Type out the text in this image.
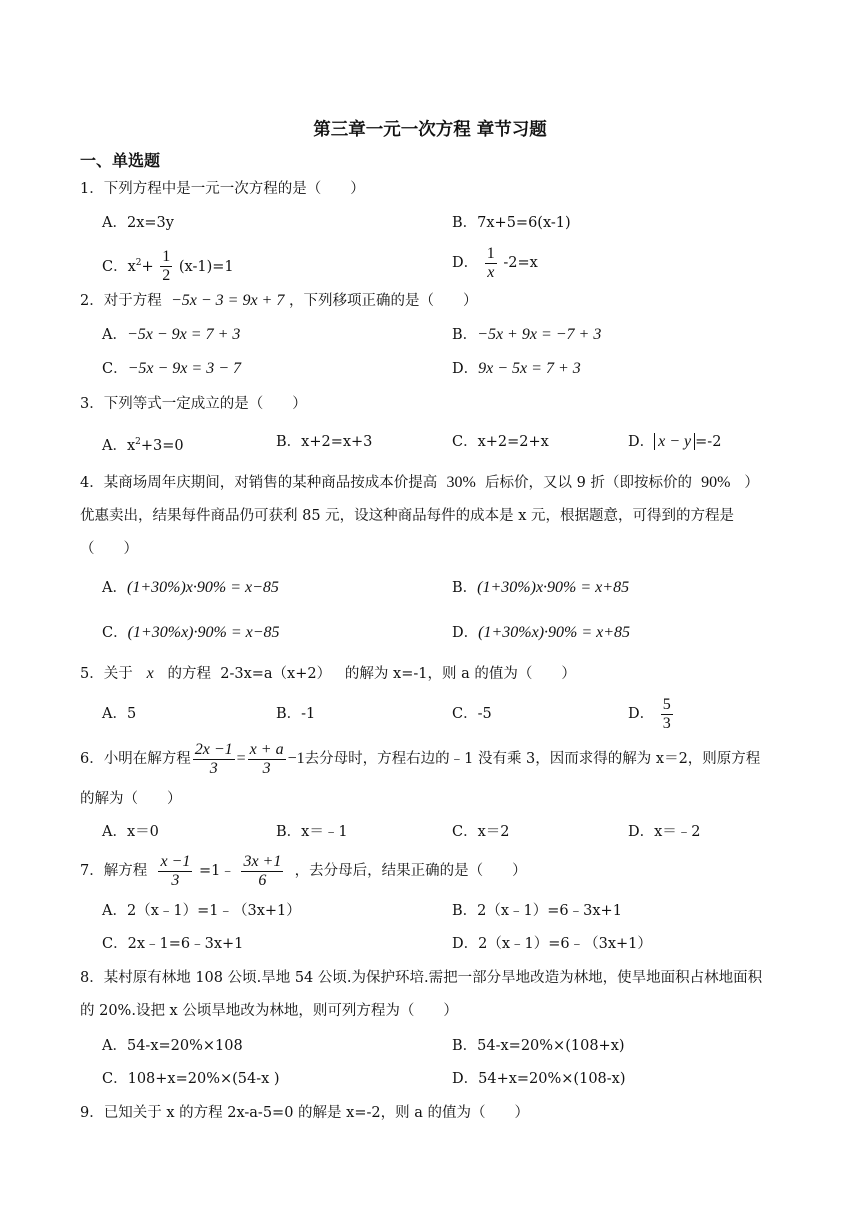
第三章一元一次方程 章节习题
一、单选题
1．下列方程中是一元一次方程的是（　　）
A．2x=3y	B．7x+5=6(x-1)
C．$x^2+ \frac{1}{2} (x-1)=1$	D． $\frac{1}{x} -2=x$
2．对于方程 −5x − 3 = 9x + 7 ，下列移项正确的是（　　）
A．−5x − 9x = 7 + 3	B．−5x + 9x = −7 + 3
C．−5x − 9x = 3 − 7	D．9x − 5x = 7 + 3
3．下列等式一定成立的是（　　）
A．$x^2+3=0$	B．x+2=x+3	C．x+2=2+x	D． x − y =-2
4．某商场周年庆期间，对销售的某种商品按成本价提高 30% 后标价，又以 9 折（即按标价的 90% ）
优惠卖出，结果每件商品仍可获利 85 元，设这种商品每件的成本是 x 元，根据题意，可得到的方程是
（　　）
A．(1+30%)x·90% = x−85	B．(1+30%)x·90% = x+85
C．(1+30%x)·90% = x−85	D．(1+30%x)·90% = x+85
5．关于 x 的方程 2-3x=a（x+2） 的解为 x=-1，则 a 的值为（　　）
A．5	B．-1	C．-5	D． $\frac{5}{3}$
6．小明在解方程 $\frac{2x -1}{3} = \frac{x + a}{3} -1$去分母时，方程右边的﹣1 没有乘 3，因而求得的解为 x＝2，则原方程
的解为（　　）
A．x＝0	B．x＝﹣1	C．x＝2	D．x＝﹣2
7．解方程 $\frac{x -1}{3}$ =1﹣ $\frac{3x +1}{6}$ ，去分母后，结果正确的是（　　）
A．2（x﹣1）=1﹣（3x+1）	B．2（x﹣1）=6﹣3x+1
C．2x﹣1=6﹣3x+1	D．2（x﹣1）=6﹣（3x+1）
8．某村原有林地 108 公顷.旱地 54 公顷.为保护环培.需把一部分旱地改造为林地，使旱地面积占林地面积
的 20%.设把 x 公顷旱地改为林地，则可列方程为（　　）
A．54-x=20%×108	B．54-x=20%×(108+x)
C．108+x=20%×(54-x )	D．54+x=20%×(108-x)
9．已知关于 x 的方程 2x-a-5=0 的解是 x=-2，则 a 的值为（　　）
